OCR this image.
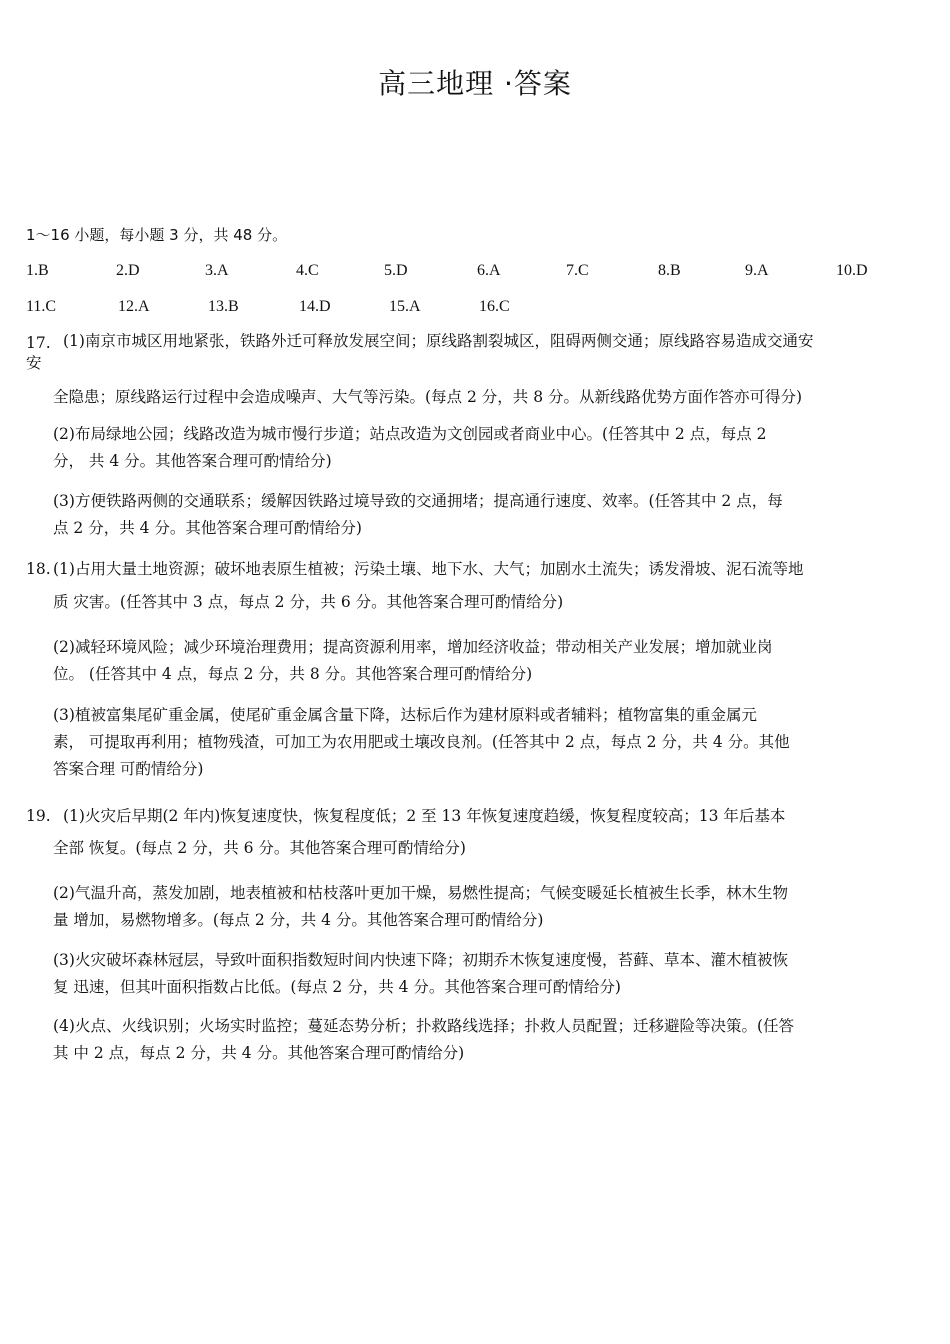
高三地理 ·答案
1～16 小题，每小题 3 分，共 48 分。
1.B	2.D	3.A	4.C	5.D	6.A	7.C	8.B	9.A	10.D
11.C	12.A	13.B	14.D	15.A	16.C
17. (1)南京市城区用地紧张，铁路外迁可释放发展空间；原线路割裂城区，阻碍两侧交通；原线路容易造成交通安
安
全隐患；原线路运行过程中会造成噪声、大气等污染。(每点 2 分，共 8 分。从新线路优势方面作答亦可得分)
(2)布局绿地公园；线路改造为城市慢行步道；站点改造为文创园或者商业中心。(任答其中 2 点，每点 2
分， 共 4 分。其他答案合理可酌情给分)
(3)方便铁路两侧的交通联系；缓解因铁路过境导致的交通拥堵；提高通行速度、效率。(任答其中 2 点，每
点 2 分，共 4 分。其他答案合理可酌情给分)
18. (1)占用大量土地资源；破坏地表原生植被；污染土壤、地下水、大气；加剧水土流失；诱发滑坡、泥石流等地
质 灾害。(任答其中 3 点，每点 2 分，共 6 分。其他答案合理可酌情给分)
(2)减轻环境风险；减少环境治理费用；提高资源利用率，增加经济收益；带动相关产业发展；增加就业岗
位。 (任答其中 4 点，每点 2 分，共 8 分。其他答案合理可酌情给分)
(3)植被富集尾矿重金属，使尾矿重金属含量下降，达标后作为建材原料或者辅料；植物富集的重金属元
素， 可提取再利用；植物残渣，可加工为农用肥或土壤改良剂。(任答其中 2 点，每点 2 分，共 4 分。其他
答案合理 可酌情给分)
19. (1)火灾后早期(2 年内)恢复速度快，恢复程度低；2 至 13 年恢复速度趋缓，恢复程度较高；13 年后基本
全部 恢复。(每点 2 分，共 6 分。其他答案合理可酌情给分)
(2)气温升高，蒸发加剧，地表植被和枯枝落叶更加干燥，易燃性提高；气候变暖延长植被生长季，林木生物
量 增加，易燃物增多。(每点 2 分，共 4 分。其他答案合理可酌情给分)
(3)火灾破坏森林冠层，导致叶面积指数短时间内快速下降；初期乔木恢复速度慢，苔藓、草本、灌木植被恢
复 迅速，但其叶面积指数占比低。(每点 2 分，共 4 分。其他答案合理可酌情给分)
(4)火点、火线识别；火场实时监控；蔓延态势分析；扑救路线选择；扑救人员配置；迁移避险等决策。(任答
其 中 2 点，每点 2 分，共 4 分。其他答案合理可酌情给分)
